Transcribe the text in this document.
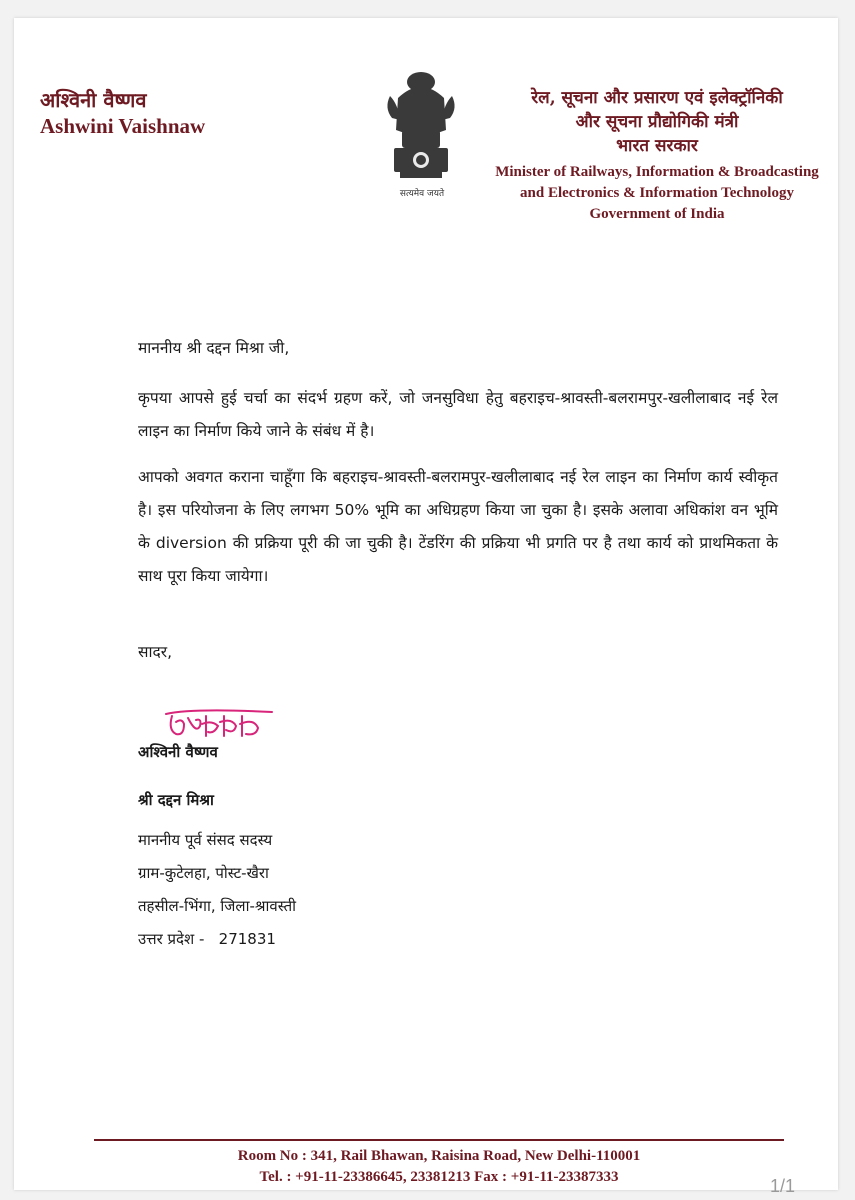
अश्विनी वैष्णव
Ashwini Vaishnaw
सत्यमेव जयते
रेल, सूचना और प्रसारण एवं इलेक्ट्रॉनिकी
और सूचना प्रौद्योगिकी मंत्री
भारत सरकार
Minister of Railways, Information & Broadcasting
and Electronics & Information Technology
Government of India
माननीय श्री दद्दन मिश्रा जी,
कृपया आपसे हुई चर्चा का संदर्भ ग्रहण करें, जो जनसुविधा हेतु बहराइच-श्रावस्ती-बलरामपुर-खलीलाबाद नई रेल लाइन का निर्माण किये जाने के संबंध में है।
आपको अवगत कराना चाहूँगा कि बहराइच-श्रावस्ती-बलरामपुर-खलीलाबाद नई रेल लाइन का निर्माण कार्य स्वीकृत है। इस परियोजना के लिए लगभग 50% भूमि का अधिग्रहण किया जा चुका है। इसके अलावा अधिकांश वन भूमि के diversion की प्रक्रिया पूरी की जा चुकी है। टेंडरिंग की प्रक्रिया भी प्रगति पर है तथा कार्य को प्राथमिकता के साथ पूरा किया जायेगा।
सादर,
अश्विनी वैष्णव
श्री दद्दन मिश्रा
माननीय पूर्व संसद सदस्य
ग्राम-कुटेलहा, पोस्ट-खैरा
तहसील-भिंगा, जिला-श्रावस्ती
उत्तर प्रदेश -   271831
Room No : 341, Rail Bhawan, Raisina Road, New Delhi-110001
Tel. : +91-11-23386645, 23381213 Fax : +91-11-23387333	1/1
